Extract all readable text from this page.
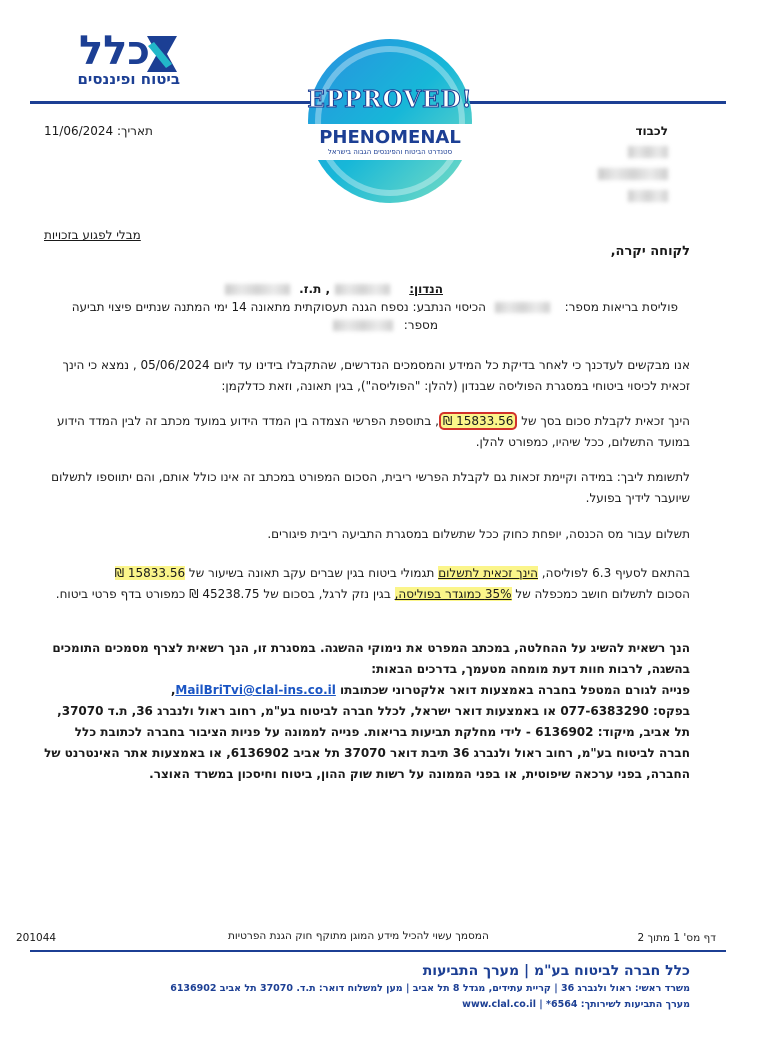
כלל
ביטוח ופיננסים
EPPROVED!
PHENOMENAL
סטנדרט הביטוח והפיננסים הגבוה בישראל
תאריך: 11/06/2024	לכבוד
מבלי לפגוע בזכויות
לקוחה יקרה,
הנדון:
, ת.ז.
פוליסת בריאות מספר:
הכיסוי הנתבע: נספח הגנה תעסוקתית מתאונה 14 ימי המתנה שנתיים פיצוי תביעה
מספר:
אנו מבקשים לעדכנך כי לאחר בדיקת כל המידע והמסמכים הנדרשים, שהתקבלו בידינו עד ליום 05/06/2024 , נמצא כי הינך זכאית לכיסוי ביטוחי במסגרת הפוליסה שבנדון (להלן: "הפוליסה"), בגין תאונה, וזאת כדלקמן:
הינך זכאית לקבלת סכום בסך של 15833.56 ₪, בתוספת הפרשי הצמדה בין המדד הידוע במועד מכתב זה לבין המדד הידוע במועד התשלום, ככל שיהיו, כמפורט להלן.
לתשומת ליבך: במידה וקיימת זכאות גם לקבלת הפרשי ריבית, הסכום המפורט במכתב זה אינו כולל אותם, והם יתווספו לתשלום שיועבר לידיך בפועל.
תשלום עבור מס הכנסה, יופחת כחוק ככל שתשלום במסגרת התביעה ריבית פיגורים.
בהתאם לסעיף 6.3 לפוליסה, הינך זכאית לתשלום תגמולי ביטוח בגין שברים עקב תאונה בשיעור של 15833.56 ₪
הסכום לתשלום חושב כמכפלה של 35% כמוגדר בפוליסה, בגין נזק לרגל, בסכום של 45238.75 ₪ כמפורט בדף פרטי ביטוח.
הנך רשאית להשיג על ההחלטה, במכתב המפרט את נימוקי ההשגה. במסגרת זו, הנך רשאית לצרף מסמכים התומכים בהשגה, לרבות חוות דעת מומחה מטעמך, בדרכים הבאות:
פנייה לגורם המטפל בחברה באמצעות דואר אלקטרוני שכתובתו MailBriTvi@clal-ins.co.il,
בפקס: 077-6383290 או באמצעות דואר ישראל, לכלל חברה לביטוח בע"מ, רחוב ראול ולנברג 36, ת.ד 37070, תל אביב, מיקוד: 6136902 - לידי מחלקת תביעות בריאות. פנייה לממונה על פניות הציבור בחברה לכתובת כלל חברה לביטוח בע"מ, רחוב ראול ולנברג 36 תיבת דואר 37070 תל אביב 6136902, או באמצעות אתר האינטרנט של החברה, בפני ערכאה שיפוטית, או בפני הממונה על רשות שוק ההון, ביטוח וחיסכון במשרד האוצר.
דף מס' 1 מתוך 2
המסמך עשוי להכיל מידע המוגן מתוקף חוק הגנת הפרטיות
201044
כלל חברה לביטוח בע"מ | מערך התביעות
משרד ראשי: ראול ולנברג 36 | קריית עתידים, מגדל 8 תל אביב | מען למשלוח דואר: ת.ד. 37070 תל אביב 6136902
מערך התביעות לשירותך: 6564* | www.clal.co.il
